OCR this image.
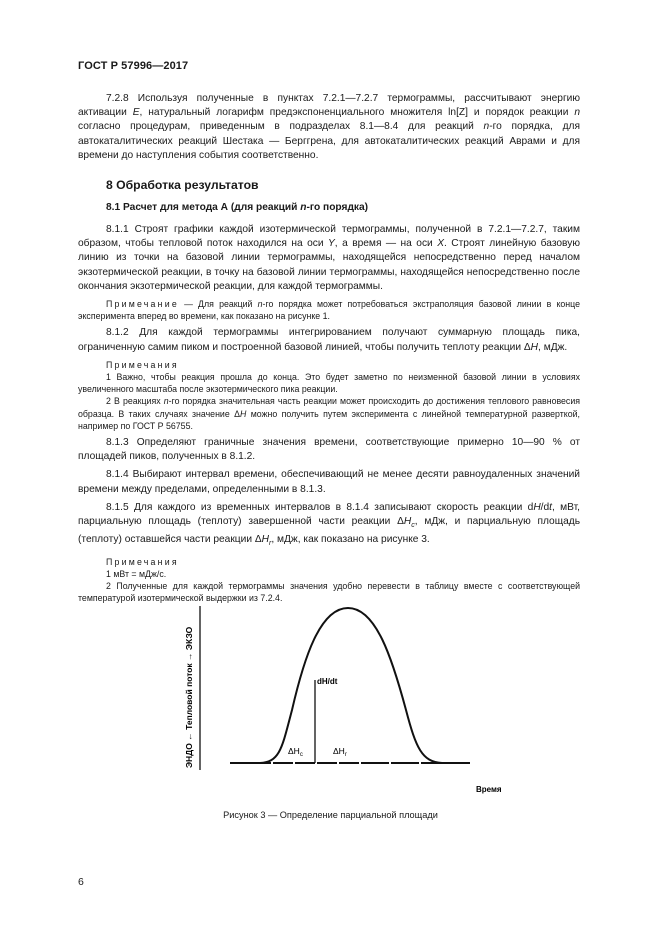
ГОСТ Р 57996—2017

7.2.8 Используя полученные в пунктах 7.2.1—7.2.7 термограммы, рассчитывают энергию активации E, натуральный логарифм предэкспоненциального множителя ln[Z] и порядок реакции n согласно процедурам, приведенным в подразделах 8.1—8.4 для реакций n-го порядка, для автокаталитических реакций Шестака — Берггрена, для автокаталитических реакций Аврами и для времени до наступления события соответственно.

8 Обработка результатов
8.1 Расчет для метода А (для реакций n-го порядка)

8.1.1 Строят графики каждой изотермической термограммы, полученной в 7.2.1—7.2.7, таким образом, чтобы тепловой поток находился на оси Y, а время — на оси X. Строят линейную базовую линию из точки на базовой линии термограммы, находящейся непосредственно перед началом экзотермической реакции, в точку на базовой линии термограммы, находящейся непосредственно после окончания экзотермической реакции, для каждой термограммы.

Примечание — Для реакций n-го порядка может потребоваться экстраполяция базовой линии в конце эксперимента вперед во времени, как показано на рисунке 1.

8.1.2 Для каждой термограммы интегрированием получают суммарную площадь пика, ограниченную самим пиком и построенной базовой линией, чтобы получить теплоту реакции ΔH, мДж.

Примечания

1 Важно, чтобы реакция прошла до конца. Это будет заметно по неизменной базовой линии в условиях увеличенного масштаба после экзотермического пика реакции.

2 В реакциях n-го порядка значительная часть реакции может происходить до достижения теплового равновесия образца. В таких случаях значение ΔH можно получить путем эксперимента с линейной температурной разверткой, например по ГОСТ Р 56755.

8.1.3 Определяют граничные значения времени, соответствующие примерно 10—90 % от площадей пиков, полученных в 8.1.2.

8.1.4 Выбирают интервал времени, обеспечивающий не менее десяти равноудаленных значений времени между пределами, определенными в 8.1.3.

8.1.5 Для каждого из временных интервалов в 8.1.4 записывают скорость реакции dH/dt, мВт, парциальную площадь (теплоту) завершенной части реакции $\Delta H_c$, мДж, и парциальную площадь (теплоту) оставшейся части реакции $\Delta H_r$, мДж, как показано на рисунке 3.

Примечания

1 мВт = мДж/с.

2 Полученные для каждой термограммы значения удобно перевести в таблицу вместе с соответствующей температурой изотермической выдержки из 7.2.4.

ЭНДО ← Тепловой поток → ЭКЗО	dH/dt
$\Delta H_c$	$\Delta H_r$
Время
Рисунок 3 — Определение парциальной площади
6
